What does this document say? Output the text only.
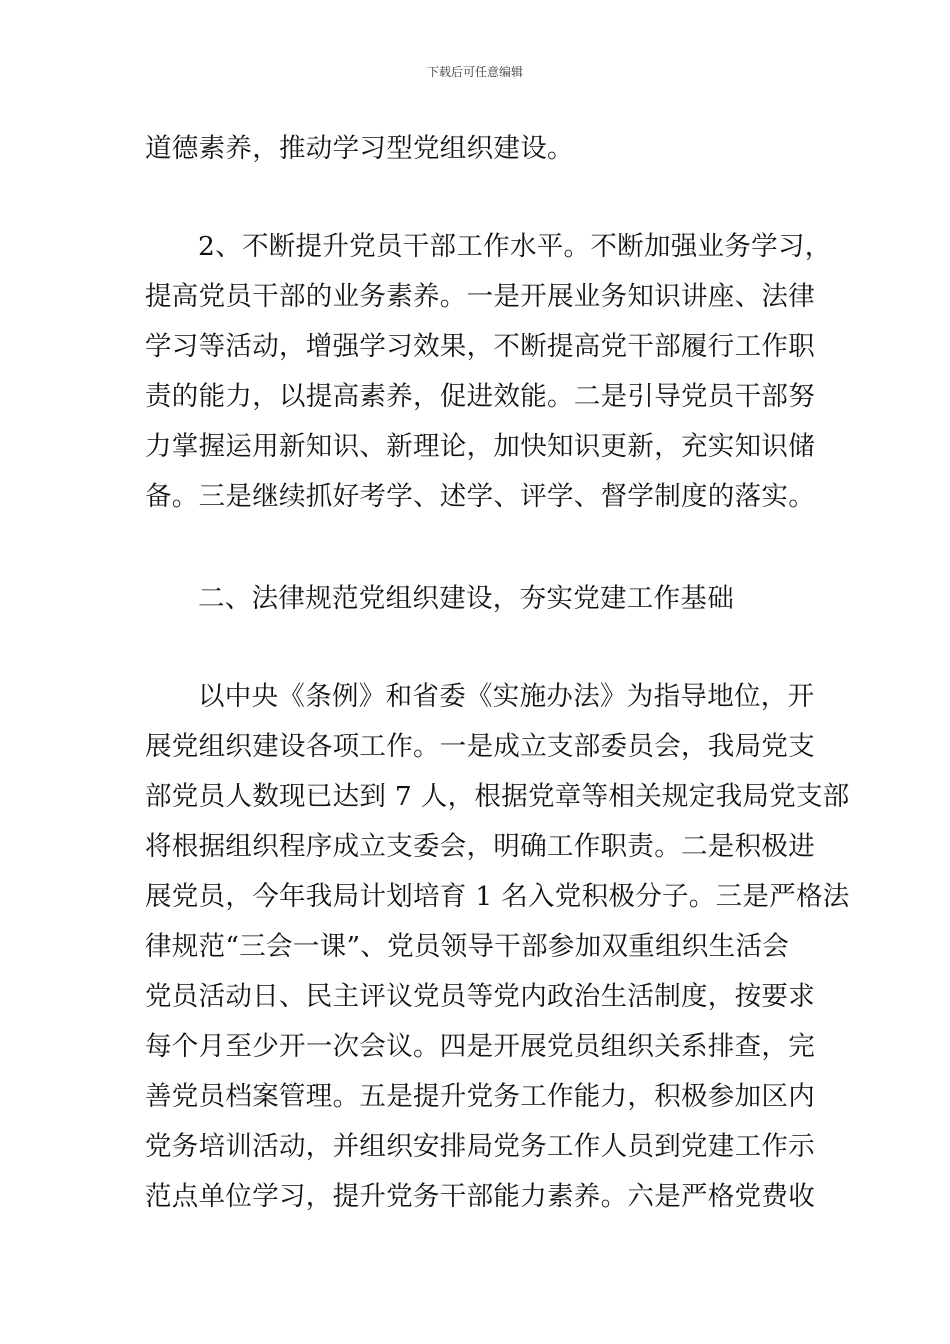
下载后可任意编辑
道德素养，推动学习型党组织建设。
2、不断提升党员干部工作水平。不断加强业务学习，
提高党员干部的业务素养。一是开展业务知识讲座、法律
学习等活动，增强学习效果，不断提高党干部履行工作职
责的能力，以提高素养，促进效能。二是引导党员干部努
力掌握运用新知识、新理论，加快知识更新，充实知识储
备。三是继续抓好考学、述学、评学、督学制度的落实。
二、法律规范党组织建设，夯实党建工作基础
以中央《条例》和省委《实施办法》为指导地位，开
展党组织建设各项工作。一是成立支部委员会，我局党支
部党员人数现已达到 7 人，根据党章等相关规定我局党支部
将根据组织程序成立支委会，明确工作职责。二是积极进
展党员，今年我局计划培育 1 名入党积极分子。三是严格法
律规范“三会一课”、党员领导干部参加双重组织生活会
党员活动日、民主评议党员等党内政治生活制度，按要求
每个月至少开一次会议。四是开展党员组织关系排查，完
善党员档案管理。五是提升党务工作能力，积极参加区内
党务培训活动，并组织安排局党务工作人员到党建工作示
范点单位学习，提升党务干部能力素养。六是严格党费收
